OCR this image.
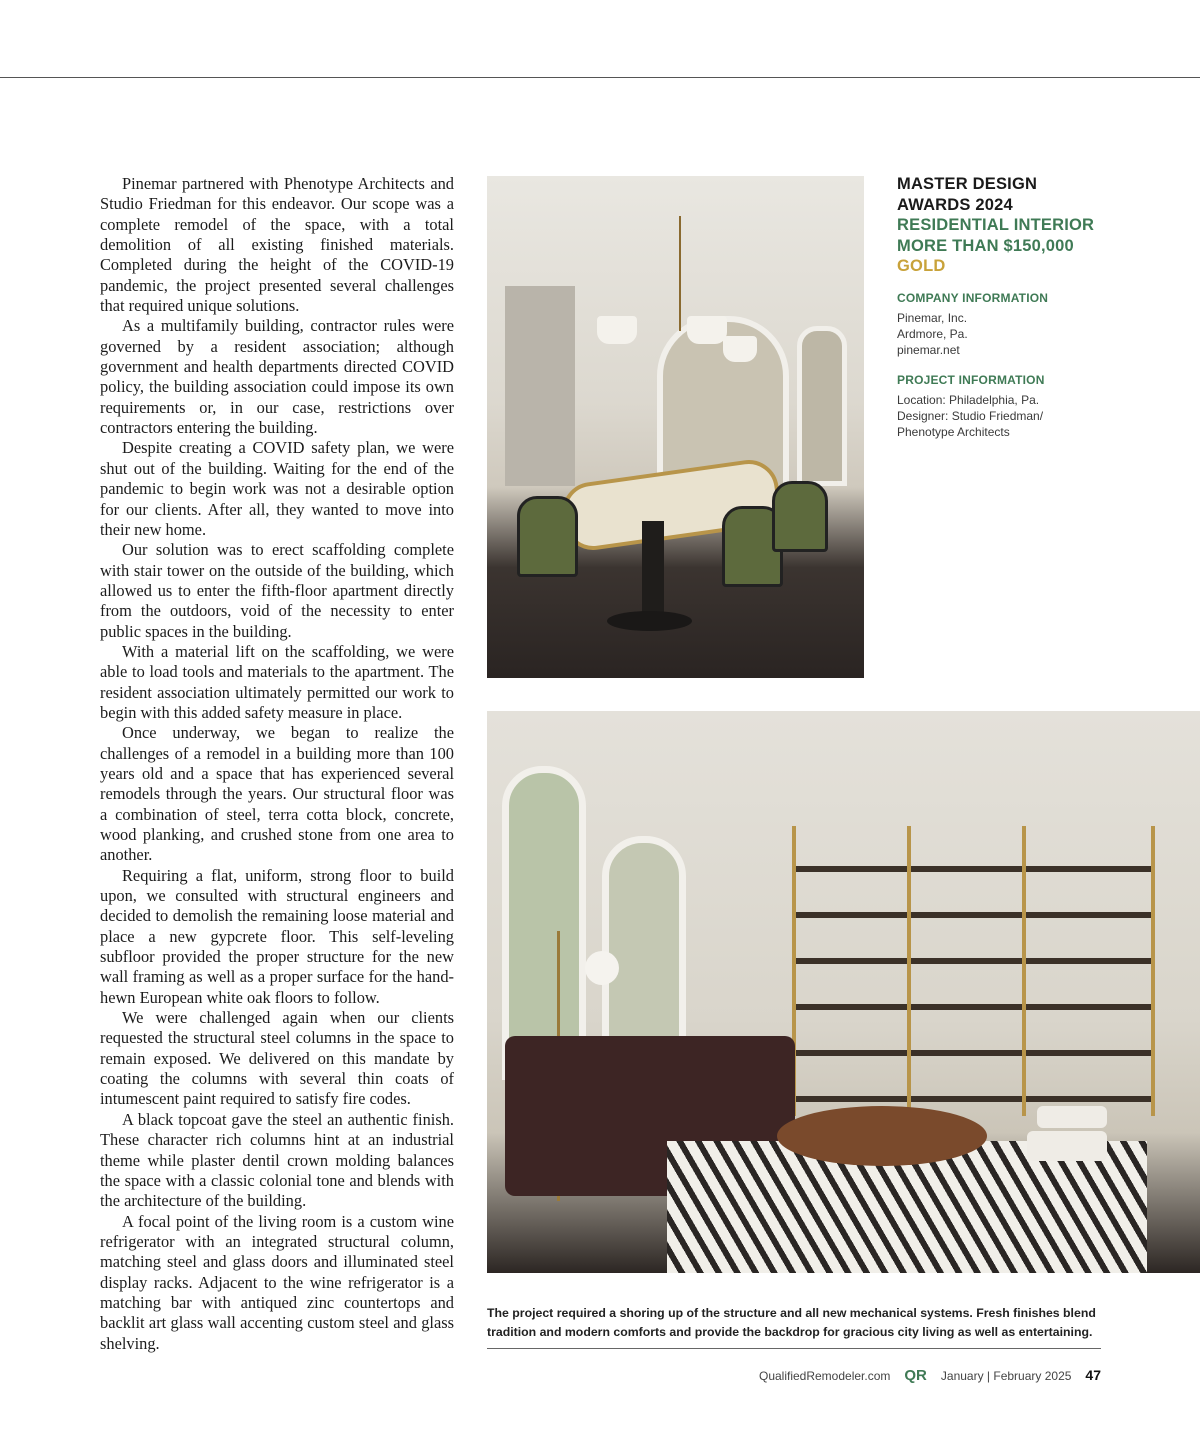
Pinemar partnered with Phenotype Architects and Studio Friedman for this endeavor. Our scope was a complete remodel of the space, with a total demolition of all existing finished materials. Completed during the height of the COVID-19 pandemic, the project presented several challenges that required unique solutions.

As a multifamily building, contractor rules were governed by a resident association; although government and health departments directed COVID policy, the building association could impose its own requirements or, in our case, restrictions over contractors entering the building.

Despite creating a COVID safety plan, we were shut out of the building. Waiting for the end of the pandemic to begin work was not a desirable option for our clients. After all, they wanted to move into their new home.

Our solution was to erect scaffolding complete with stair tower on the outside of the building, which allowed us to enter the fifth-floor apartment directly from the outdoors, void of the necessity to enter public spaces in the building.

With a material lift on the scaffolding, we were able to load tools and materials to the apartment. The resident association ultimately permitted our work to begin with this added safety measure in place.

Once underway, we began to realize the challenges of a remodel in a building more than 100 years old and a space that has experienced several remodels through the years. Our structural floor was a combination of steel, terra cotta block, concrete, wood planking, and crushed stone from one area to another.

Requiring a flat, uniform, strong floor to build upon, we consulted with structural engineers and decided to demolish the remaining loose material and place a new gypcrete floor. This self-leveling subfloor provided the proper structure for the new wall framing as well as a proper surface for the hand-hewn European white oak floors to follow.

We were challenged again when our clients requested the structural steel columns in the space to remain exposed. We delivered on this mandate by coating the columns with several thin coats of intumescent paint required to satisfy fire codes.

A black topcoat gave the steel an authentic finish. These character rich columns hint at an industrial theme while plaster dentil crown molding balances the space with a classic colonial tone and blends with the architecture of the building.

A focal point of the living room is a custom wine refrigerator with an integrated structural column, matching steel and glass doors and illuminated steel display racks. Adjacent to the wine refrigerator is a matching bar with antiqued zinc countertops and backlit art glass wall accenting custom steel and glass shelving.

MASTER DESIGN
AWARDS 2024
RESIDENTIAL INTERIOR
MORE THAN $150,000
GOLD
COMPANY INFORMATION
Pinemar, Inc.
Ardmore, Pa.
pinemar.net
PROJECT INFORMATION
Location: Philadelphia, Pa.
Designer: Studio Friedman/
Phenotype Architects
The project required a shoring up of the structure and all new mechanical systems. Fresh finishes blend tradition and modern comforts and provide the backdrop for gracious city living as well as entertaining.
QualifiedRemodeler.com QR January | February 2025 47
